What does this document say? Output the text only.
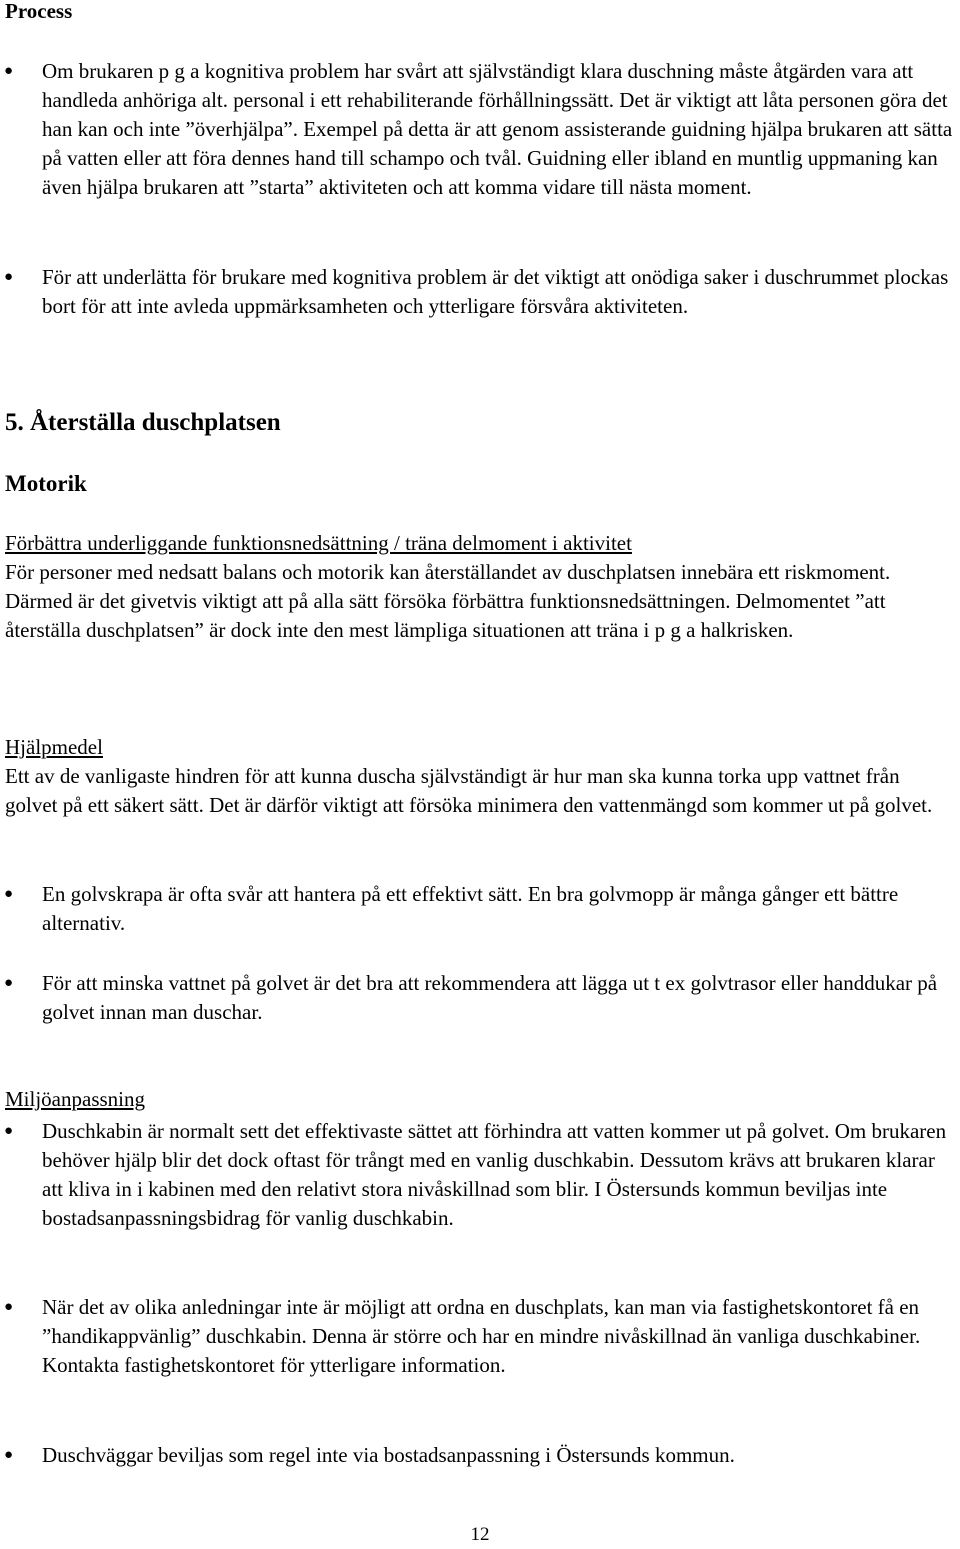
Process
● Om brukaren p g a kognitiva problem har svårt att självständigt klara duschning måste åtgärden vara att handleda anhöriga alt. personal i ett rehabiliterande förhållningssätt. Det är viktigt att låta personen göra det han kan och inte ”överhjälpa”. Exempel på detta är att genom assisterande guidning hjälpa brukaren att sätta på vatten eller att föra dennes hand till schampo och tvål. Guidning eller ibland en muntlig uppmaning kan även hjälpa brukaren att ”starta” aktiviteten och att komma vidare till nästa moment.
● För att underlätta för brukare med kognitiva problem är det viktigt att onödiga saker i duschrummet plockas bort för att inte avleda uppmärksamheten och ytterligare försvåra aktiviteten.
5. Återställa duschplatsen
Motorik
Förbättra underliggande funktionsnedsättning / träna delmoment i aktivitet
För personer med nedsatt balans och motorik kan återställandet av duschplatsen innebära ett riskmoment. Därmed är det givetvis viktigt att på alla sätt försöka förbättra funktionsnedsättningen. Delmomentet ”att återställa duschplatsen” är dock inte den mest lämpliga situationen att träna i p g a halkrisken.
Hjälpmedel
Ett av de vanligaste hindren för att kunna duscha självständigt är hur man ska kunna torka upp vattnet från golvet på ett säkert sätt. Det är därför viktigt att försöka minimera den vattenmängd som kommer ut på golvet.
● En golvskrapa är ofta svår att hantera på ett effektivt sätt. En bra golvmopp är många gånger ett bättre alternativ.
● För att minska vattnet på golvet är det bra att rekommendera att lägga ut t ex golvtrasor eller handdukar på golvet innan man duschar.
Miljöanpassning
● Duschkabin är normalt sett det effektivaste sättet att förhindra att vatten kommer ut på golvet. Om brukaren behöver hjälp blir det dock oftast för trångt med en vanlig duschkabin. Dessutom krävs att brukaren klarar att kliva in i kabinen med den relativt stora nivåskillnad som blir. I Östersunds kommun beviljas inte bostadsanpassningsbidrag för vanlig duschkabin.
● När det av olika anledningar inte är möjligt att ordna en duschplats, kan man via fastighetskontoret få en ”handikappvänlig” duschkabin. Denna är större och har en mindre nivåskillnad än vanliga duschkabiner. Kontakta fastighetskontoret för ytterligare information.
● Duschväggar beviljas som regel inte via bostadsanpassning i Östersunds kommun.
12
